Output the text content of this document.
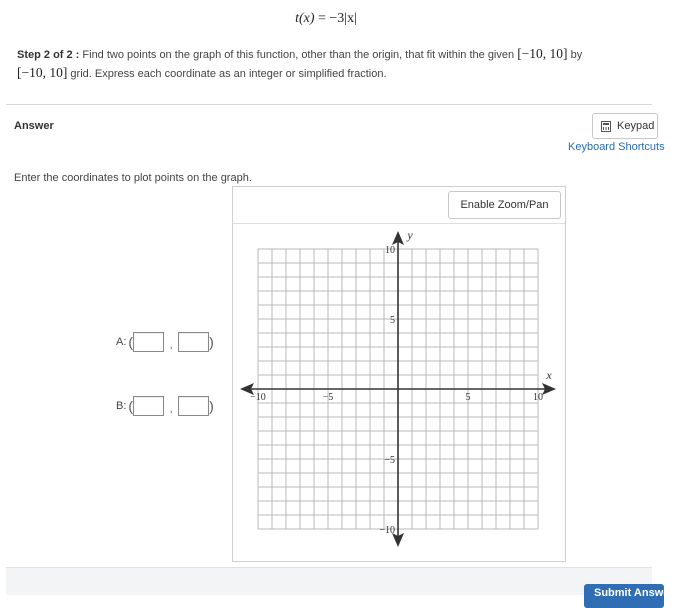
t(x) = −3|x|
Step 2 of 2 : Find two points on the graph of this function, other than the origin, that fit within the given [−10, 10] by
[−10, 10] grid. Express each coordinate as an integer or simplified fraction.
Answer	Keypad
Keyboard Shortcuts
Enter the coordinates to plot points on the graph.
Enable Zoom/Pan
−10	−5	5	10
10
5
−5
−10
x
y
A: (	,	)
B: (	,	)
Submit Answer
